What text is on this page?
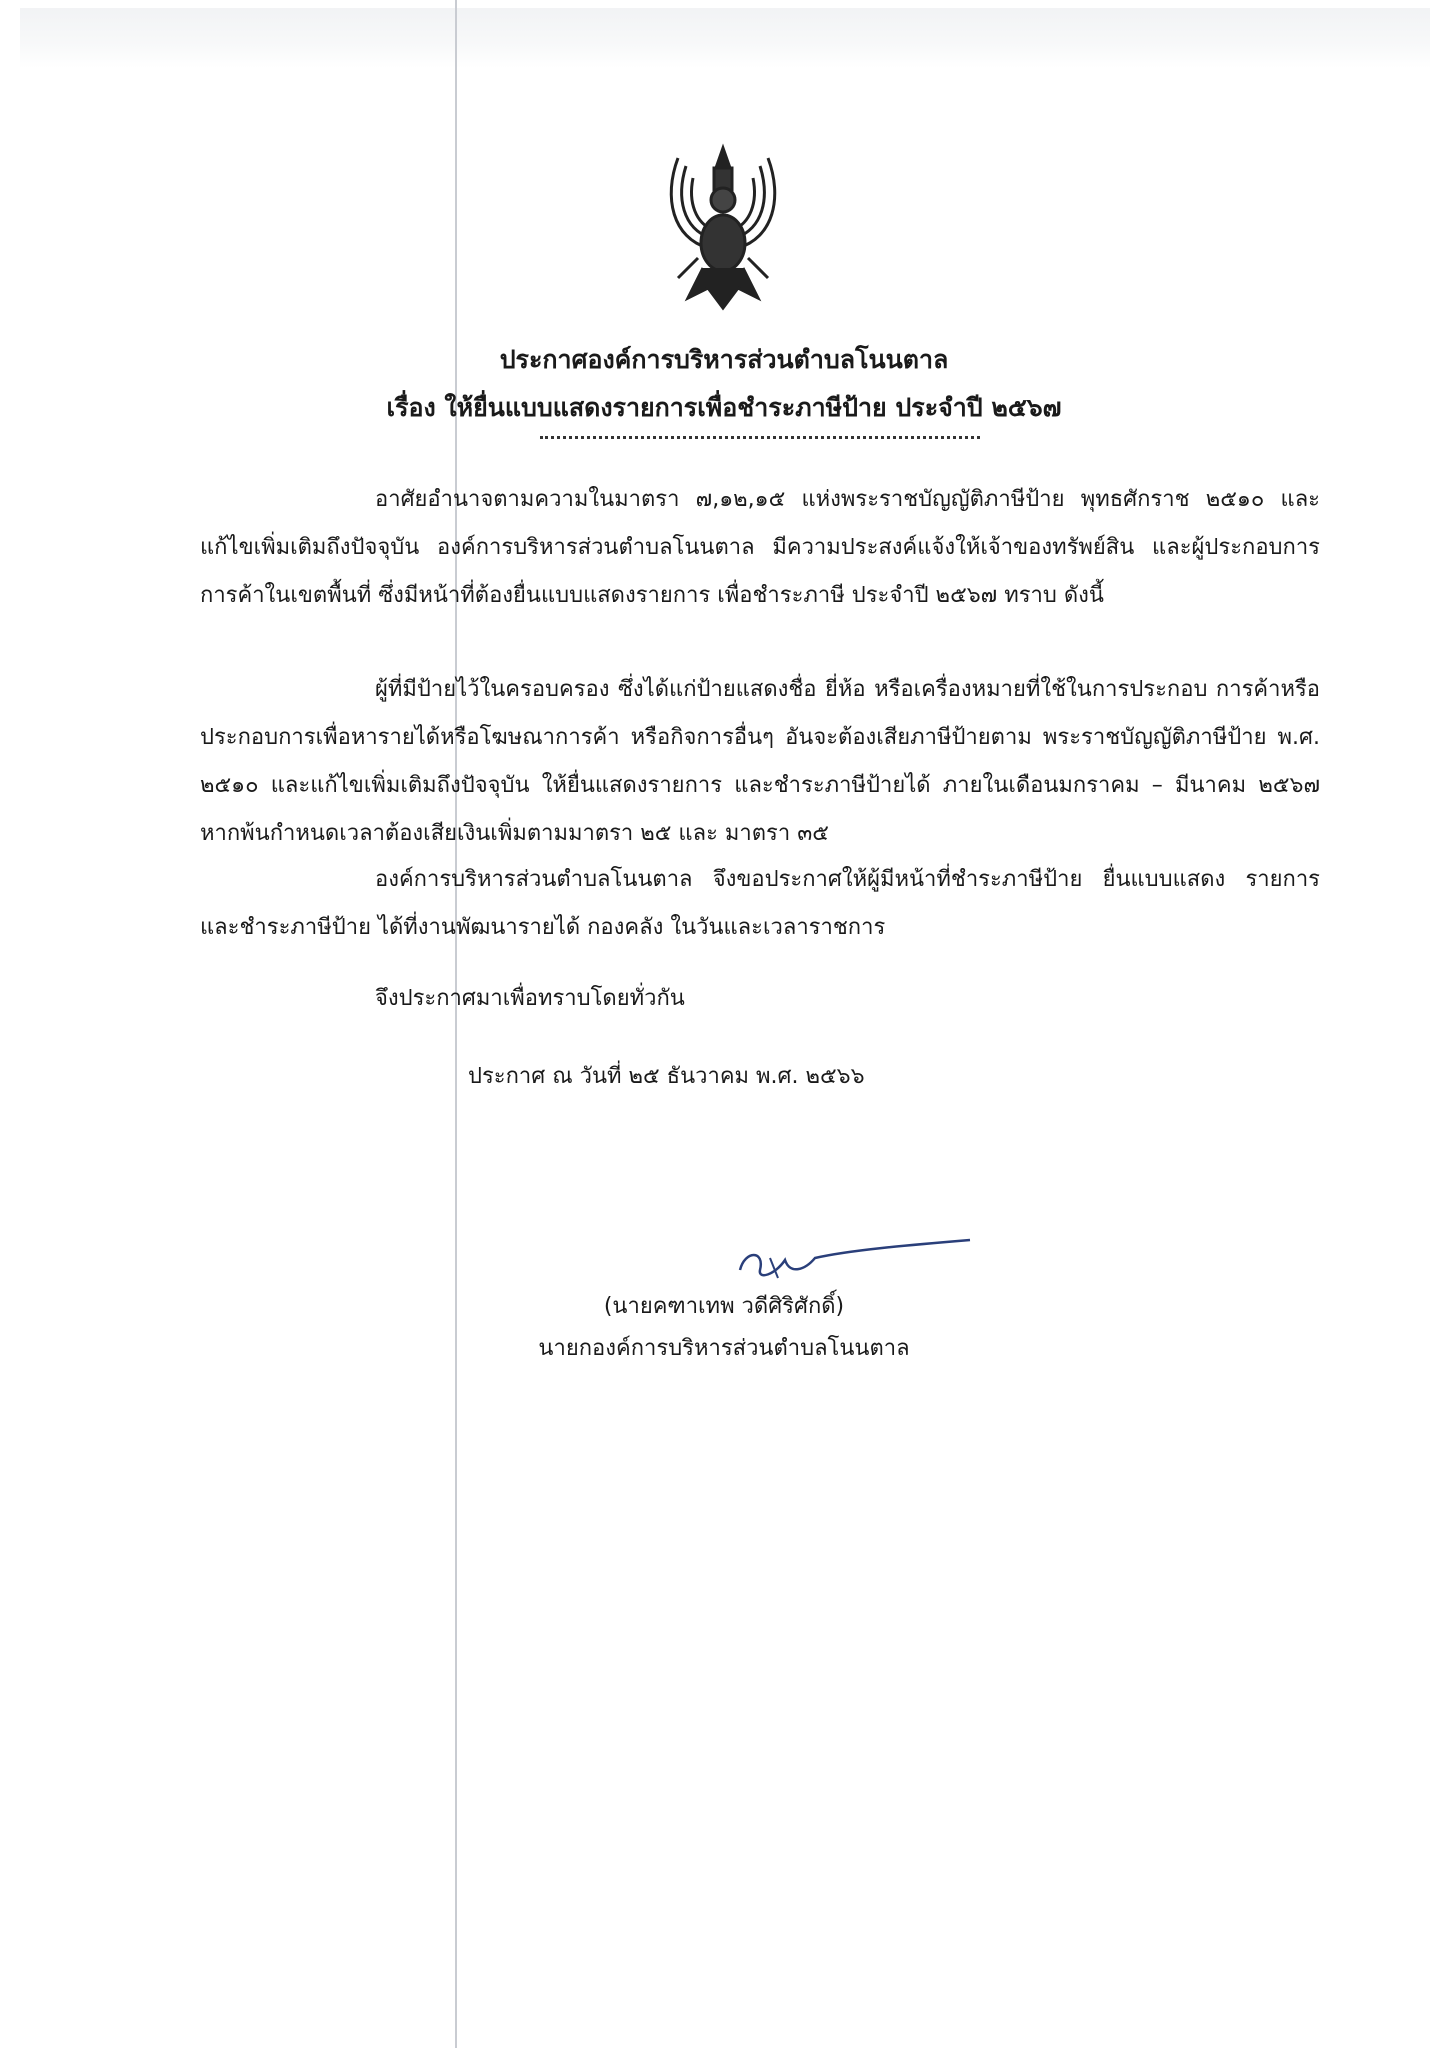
ประกาศองค์การบริหารส่วนตำบลโนนตาล
เรื่อง ให้ยื่นแบบแสดงรายการเพื่อชำระภาษีป้าย ประจำปี ๒๕๖๗

อาศัยอำนาจตามความในมาตรา ๗,๑๒,๑๕ แห่งพระราชบัญญัติภาษีป้าย พุทธศักราช ๒๕๑๐ และแก้ไขเพิ่มเติมถึงปัจจุบัน องค์การบริหารส่วนตำบลโนนตาล มีความประสงค์แจ้งให้เจ้าของทรัพย์สิน และผู้ประกอบการการค้าในเขตพื้นที่ ซึ่งมีหน้าที่ต้องยื่นแบบแสดงรายการ เพื่อชำระภาษี ประจำปี ๒๕๖๗ ทราบ ดังนี้

ผู้ที่มีป้ายไว้ในครอบครอง ซึ่งได้แก่ป้ายแสดงชื่อ ยี่ห้อ หรือเครื่องหมายที่ใช้ในการประกอบ การค้าหรือประกอบการเพื่อหารายได้หรือโฆษณาการค้า หรือกิจการอื่นๆ อันจะต้องเสียภาษีป้ายตาม พระราชบัญญัติภาษีป้าย พ.ศ. ๒๕๑๐ และแก้ไขเพิ่มเติมถึงปัจจุบัน ให้ยื่นแสดงรายการ และชำระภาษีป้ายได้ ภายในเดือนมกราคม – มีนาคม ๒๕๖๗ หากพ้นกำหนดเวลาต้องเสียเงินเพิ่มตามมาตรา ๒๕ และ มาตรา ๓๕

องค์การบริหารส่วนตำบลโนนตาล จึงขอประกาศให้ผู้มีหน้าที่ชำระภาษีป้าย ยื่นแบบแสดง รายการ และชำระภาษีป้าย ได้ที่งานพัฒนารายได้ กองคลัง ในวันและเวลาราชการ

จึงประกาศมาเพื่อทราบโดยทั่วกัน
ประกาศ ณ วันที่ ๒๕ ธันวาคม พ.ศ. ๒๕๖๖
(นายคฑาเทพ วดีศิริศักดิ์)
นายกองค์การบริหารส่วนตำบลโนนตาล
